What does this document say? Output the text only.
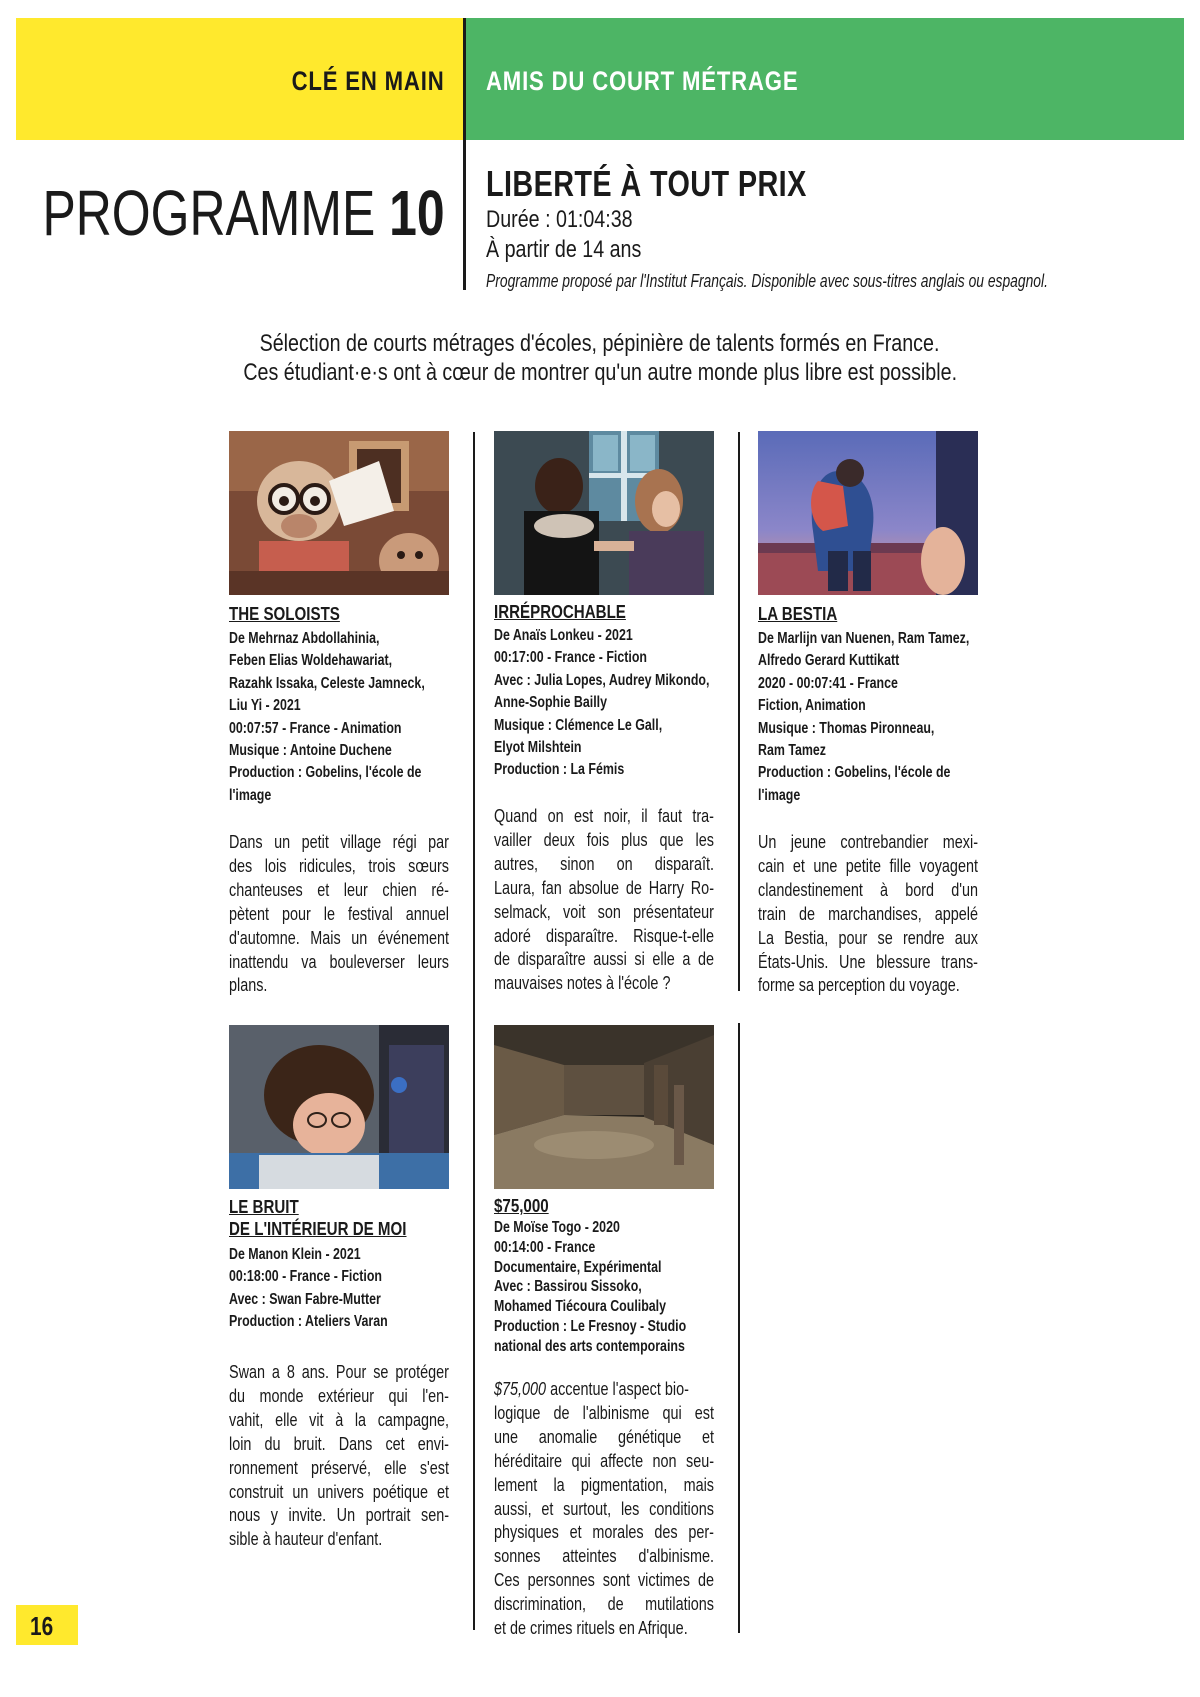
CLÉ EN MAIN AMIS DU COURT MÉTRAGE
PROGRAMME 10 LIBERTÉ À TOUT PRIX
Durée : 01:04:38
À partir de 14 ans
Programme proposé par l'Institut Français. Disponible avec sous-titres anglais ou espagnol.
Sélection de courts métrages d'écoles, pépinière de talents formés en France.
Ces étudiant·e·s ont à cœur de montrer qu'un autre monde plus libre est possible.
THE SOLOISTS
De Mehrnaz Abdollahinia,
Feben Elias Woldehawariat,
Razahk Issaka, Celeste Jamneck,
Liu Yi - 2021
00:07:57 - France - Animation
Musique : Antoine Duchene
Production : Gobelins, l'école de
l'image
Dans un petit village régi par
des lois ridicules, trois sœurs
chanteuses et leur chien ré-
pètent pour le festival annuel
d'automne. Mais un événement
inattendu va bouleverser leurs
plans.
IRRÉPROCHABLE
De Anaïs Lonkeu - 2021
00:17:00 - France - Fiction
Avec : Julia Lopes, Audrey Mikondo,
Anne-Sophie Bailly
Musique : Clémence Le Gall,
Elyot Milshtein
Production : La Fémis
Quand on est noir, il faut tra-
vailler deux fois plus que les
autres, sinon on disparaît.
Laura, fan absolue de Harry Ro-
selmack, voit son présentateur
adoré disparaître. Risque-t-elle
de disparaître aussi si elle a de
mauvaises notes à l'école ?
LA BESTIA
De Marlijn van Nuenen, Ram Tamez,
Alfredo Gerard Kuttikatt
2020 - 00:07:41 - France
Fiction, Animation
Musique : Thomas Pironneau,
Ram Tamez
Production : Gobelins, l'école de
l'image
Un jeune contrebandier mexi-
cain et une petite fille voyagent
clandestinement à bord d'un
train de marchandises, appelé
La Bestia, pour se rendre aux
États-Unis. Une blessure trans-
forme sa perception du voyage.
LE BRUIT
DE L'INTÉRIEUR DE MOI
De Manon Klein - 2021
00:18:00 - France - Fiction
Avec : Swan Fabre-Mutter
Production : Ateliers Varan
Swan a 8 ans. Pour se protéger
du monde extérieur qui l'en-
vahit, elle vit à la campagne,
loin du bruit. Dans cet envi-
ronnement préservé, elle s'est
construit un univers poétique et
nous y invite. Un portrait sen-
sible à hauteur d'enfant.
$75,000
De Moïse Togo - 2020
00:14:00 - France
Documentaire, Expérimental
Avec : Bassirou Sissoko,
Mohamed Tiécoura Coulibaly
Production : Le Fresnoy - Studio
national des arts contemporains
$75,000 accentue l'aspect bio-
logique de l'albinisme qui est
une anomalie génétique et
héréditaire qui affecte non seu-
lement la pigmentation, mais
aussi, et surtout, les conditions
physiques et morales des per-
sonnes atteintes d'albinisme.
Ces personnes sont victimes de
discrimination, de mutilations
et de crimes rituels en Afrique.
16
